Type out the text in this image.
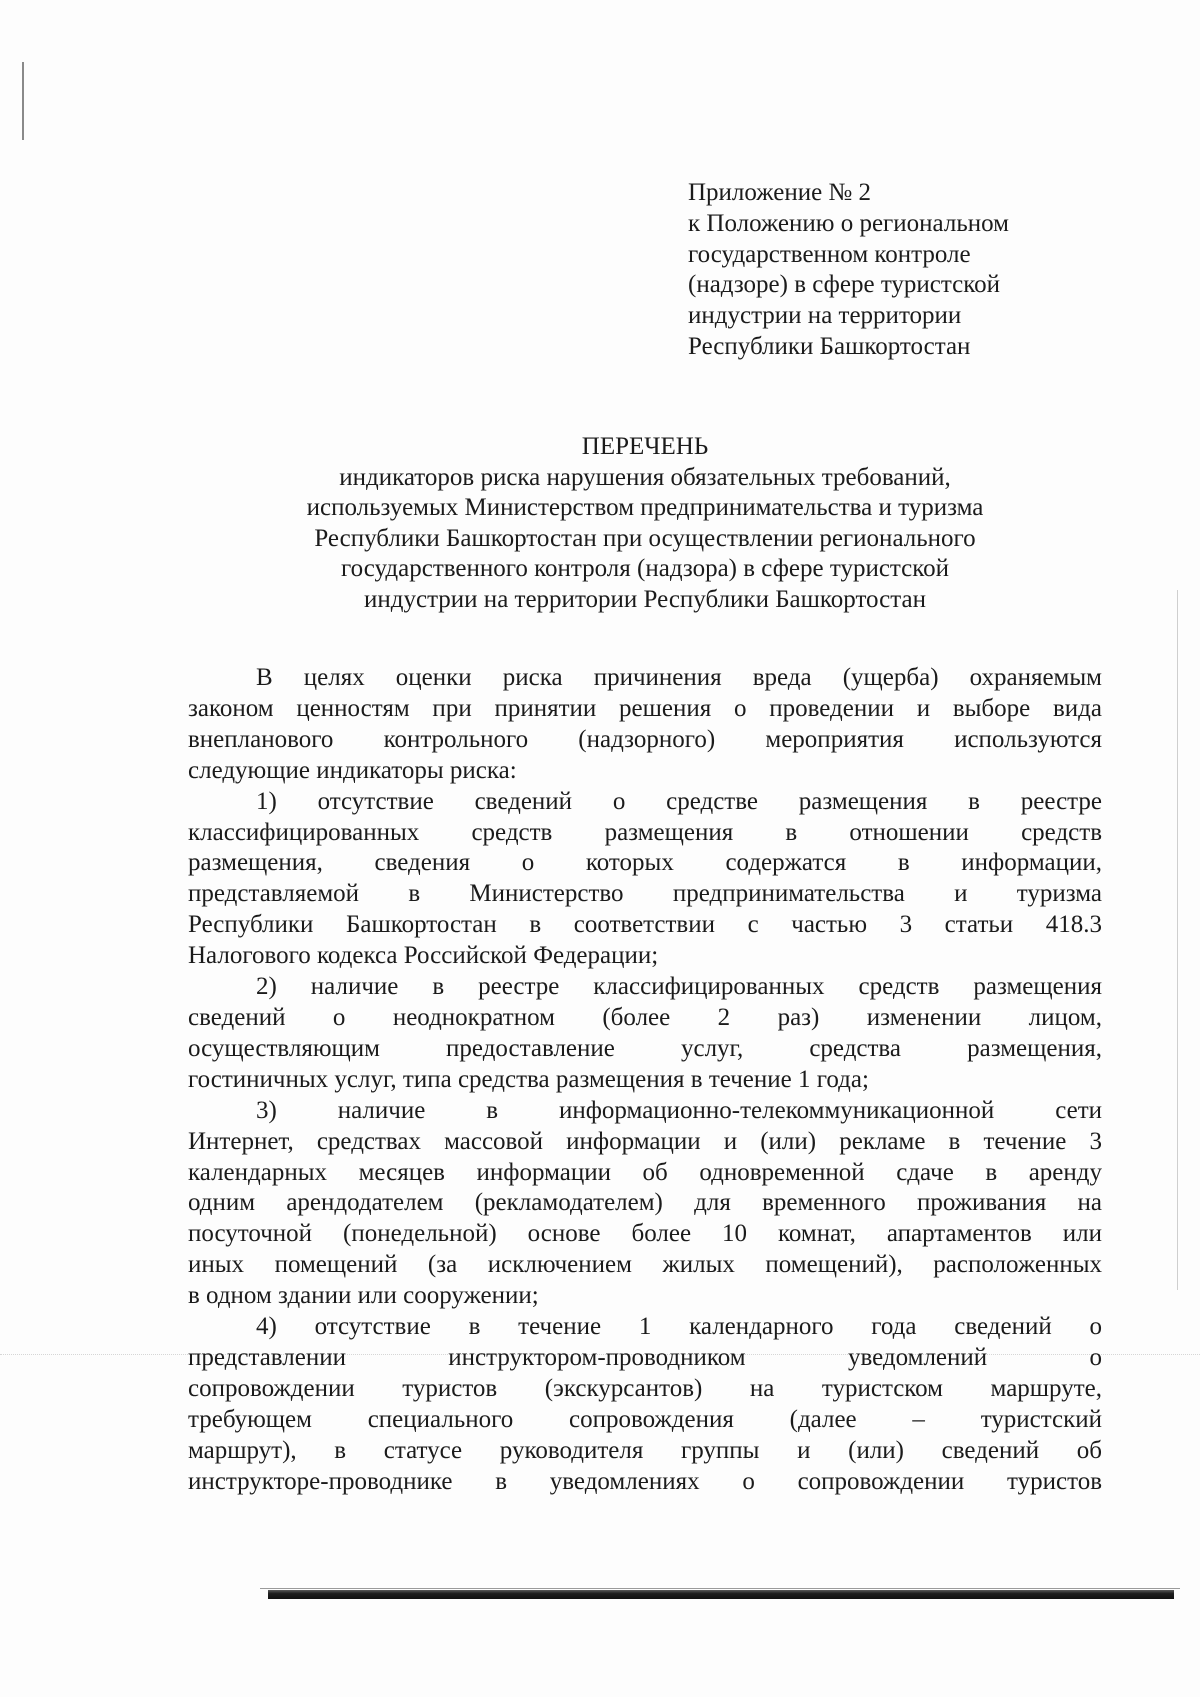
Приложение № 2
к Положению о региональном
государственном контроле
(надзоре) в сфере туристской
индустрии на территории
Республики Башкортостан
ПЕРЕЧЕНЬ
индикаторов риска нарушения обязательных требований,
используемых Министерством предпринимательства и туризма
Республики Башкортостан при осуществлении регионального
государственного контроля (надзора) в сфере туристской
индустрии на территории Республики Башкортостан

В целях оценки риска причинения вреда (ущерба) охраняемым
законом ценностям при принятии решения о проведении и выборе вида
внепланового контрольного (надзорного) мероприятия используются
следующие индикаторы риска:

1) отсутствие сведений о средстве размещения в реестре
классифицированных средств размещения в отношении средств
размещения, сведения о которых содержатся в информации,
представляемой в Министерство предпринимательства и туризма
Республики Башкортостан в соответствии с частью 3 статьи 418.3
Налогового кодекса Российской Федерации;

2) наличие в реестре классифицированных средств размещения
сведений о неоднократном (более 2 раз) изменении лицом,
осуществляющим предоставление услуг, средства размещения,
гостиничных услуг, типа средства размещения в течение 1 года;

3) наличие в информационно-телекоммуникационной сети
Интернет, средствах массовой информации и (или) рекламе в течение 3
календарных месяцев информации об одновременной сдаче в аренду
одним арендодателем (рекламодателем) для временного проживания на
посуточной (понедельной) основе более 10 комнат, апартаментов или
иных помещений (за исключением жилых помещений), расположенных
в одном здании или сооружении;

4) отсутствие в течение 1 календарного года сведений о
представлении инструктором-проводником уведомлений о
сопровождении туристов (экскурсантов) на туристском маршруте,
требующем специального сопровождения (далее – туристский
маршрут), в статусе руководителя группы и (или) сведений об
инструкторе-проводнике в уведомлениях о сопровождении туристов
